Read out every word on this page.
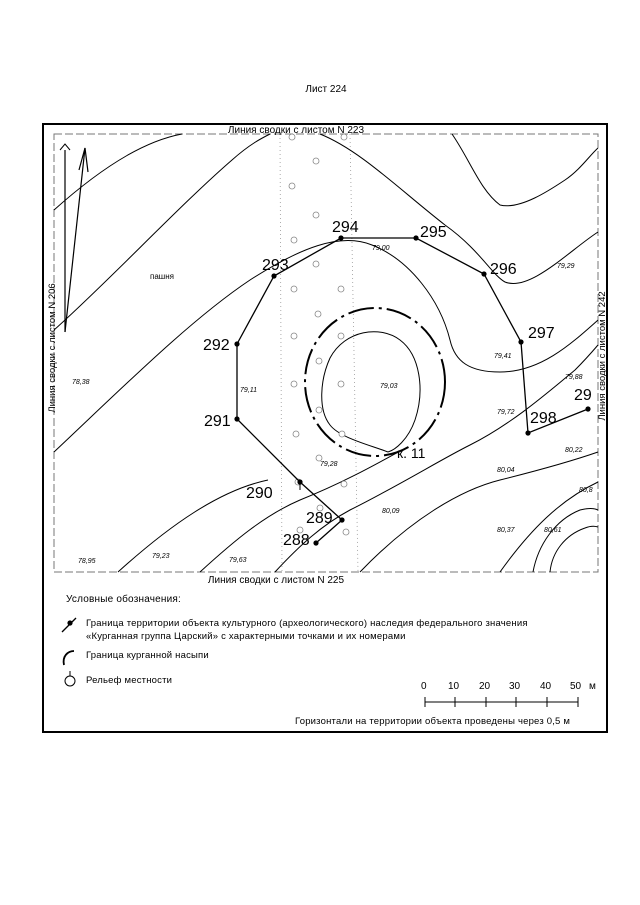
Лист 224
Линия сводки с листом N 223
Линия сводки с листом N 225
Линия сводки с листом N 206	Линия сводки с листом N 242
пашня
к. 11
288
289
290
291
292
293
294	295
296
297
298
29
78,38
79,11
79,00
79,29
79,41
79,03
79,72
79,88
80,22
79,28
80,04
80,09
80,37	80,61
80,8
78,95
79,23
79,63
Условные обозначения:
Граница территории объекта культурного (археологического) наследия федерального значения
«Курганная группа Царский» с характерными точками и их номерами
Граница курганной насыпи
Рельеф местности
0 10 20 30 40 50 м
Горизонтали на территории объекта проведены через 0,5 м
